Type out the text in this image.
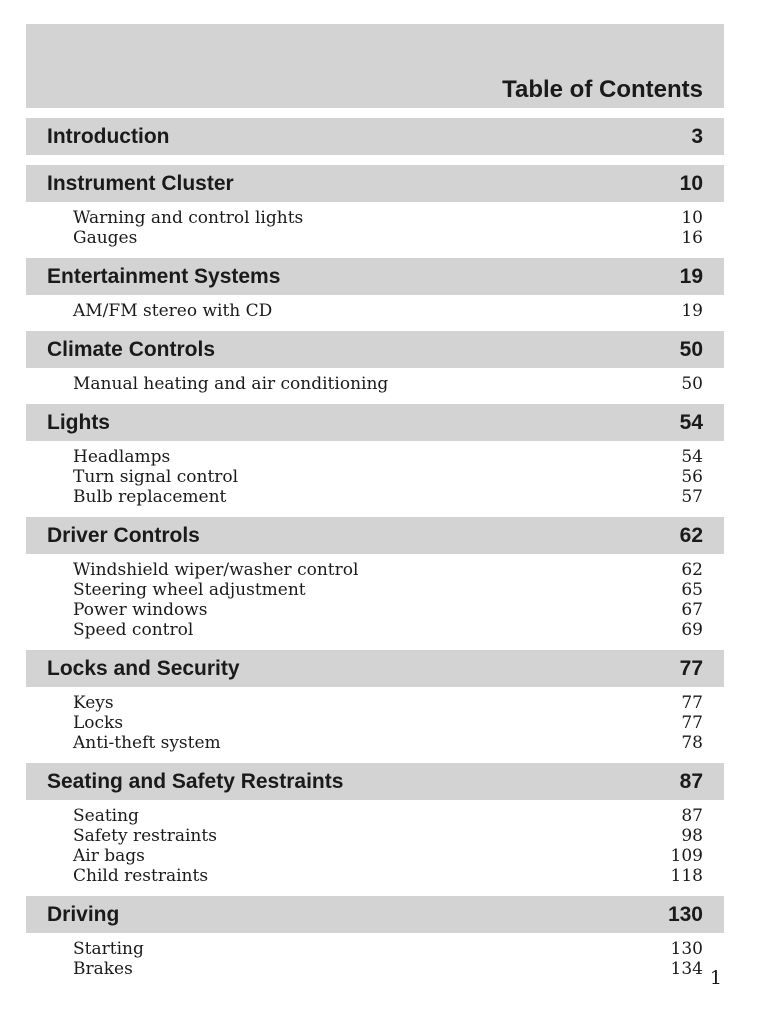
Table of Contents
Introduction	3
Instrument Cluster	10
Warning and control lights	10
Gauges	16
Entertainment Systems	19
AM/FM stereo with CD	19
Climate Controls	50
Manual heating and air conditioning	50
Lights	54
Headlamps	54
Turn signal control	56
Bulb replacement	57
Driver Controls	62
Windshield wiper/washer control	62
Steering wheel adjustment	65
Power windows	67
Speed control	69
Locks and Security	77
Keys	77
Locks	77
Anti-theft system	78
Seating and Safety Restraints	87
Seating	87
Safety restraints	98
Air bags	109
Child restraints	118
Driving	130
Starting	130
Brakes	134 1
